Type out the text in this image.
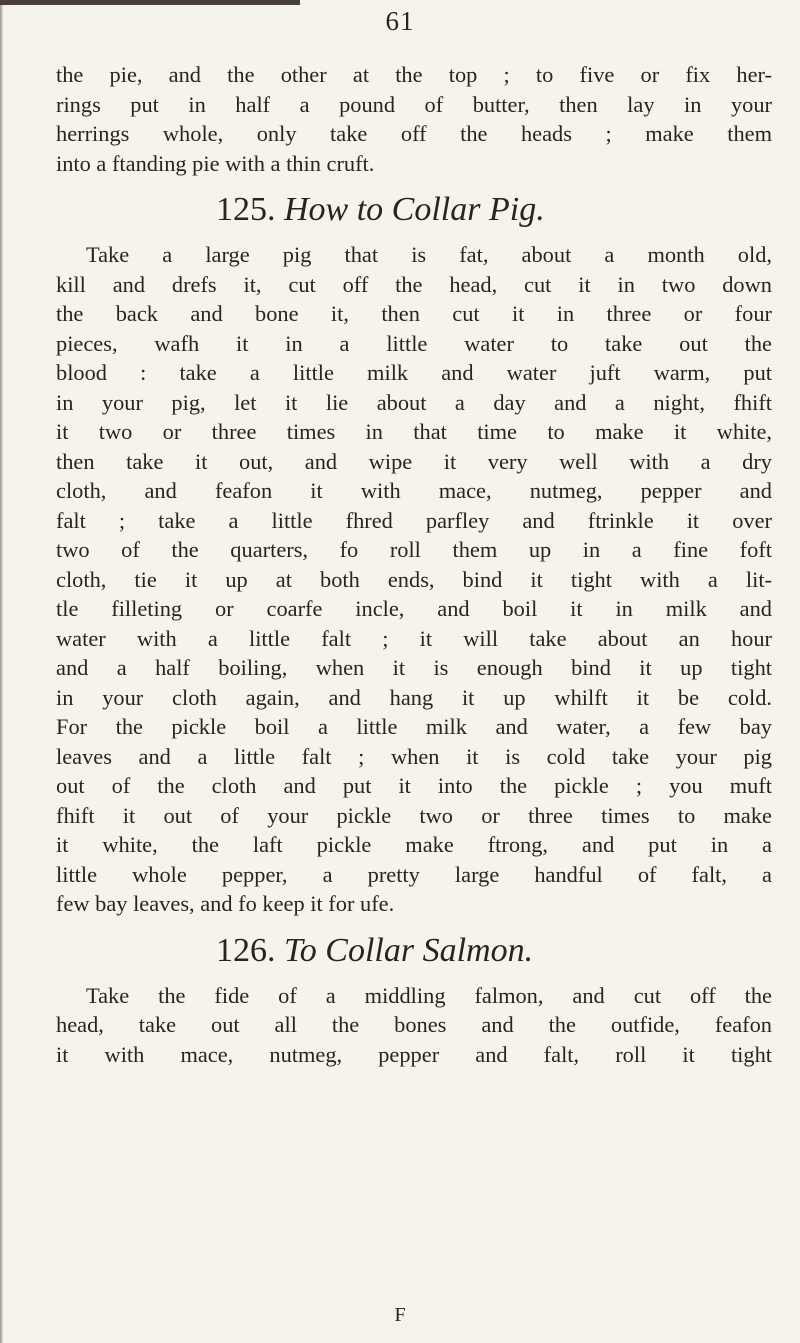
61

the pie, and the other at the top ; to five or fix her-

rings put in half a pound of butter, then lay in your

herrings whole, only take off the heads ; make them

into a ftanding pie with a thin cruft.

125. How to Collar Pig.

Take a large pig that is fat, about a month old,

kill and drefs it, cut off the head, cut it in two down

the back and bone it, then cut it in three or four

pieces, wafh it in a little water to take out the

blood : take a little milk and water juft warm, put

in your pig, let it lie about a day and a night, fhift

it two or three times in that time to make it white,

then take it out, and wipe it very well with a dry

cloth, and feafon it with mace, nutmeg, pepper and

falt ; take a little fhred parfley and ftrinkle it over

two of the quarters, fo roll them up in a fine foft

cloth, tie it up at both ends, bind it tight with a lit-

tle filleting or coarfe incle, and boil it in milk and

water with a little falt ; it will take about an hour

and a half boiling, when it is enough bind it up tight

in your cloth again, and hang it up whilft it be cold.

For the pickle boil a little milk and water, a few bay

leaves and a little falt ; when it is cold take your pig

out of the cloth and put it into the pickle ; you muft

fhift it out of your pickle two or three times to make

it white, the laft pickle make ftrong, and put in a

little whole pepper, a pretty large handful of falt, a

few bay leaves, and fo keep it for ufe.

126. To Collar Salmon.

Take the fide of a middling falmon, and cut off the

head, take out all the bones and the outfide, feafon

it with mace, nutmeg, pepper and falt, roll it tight

F
